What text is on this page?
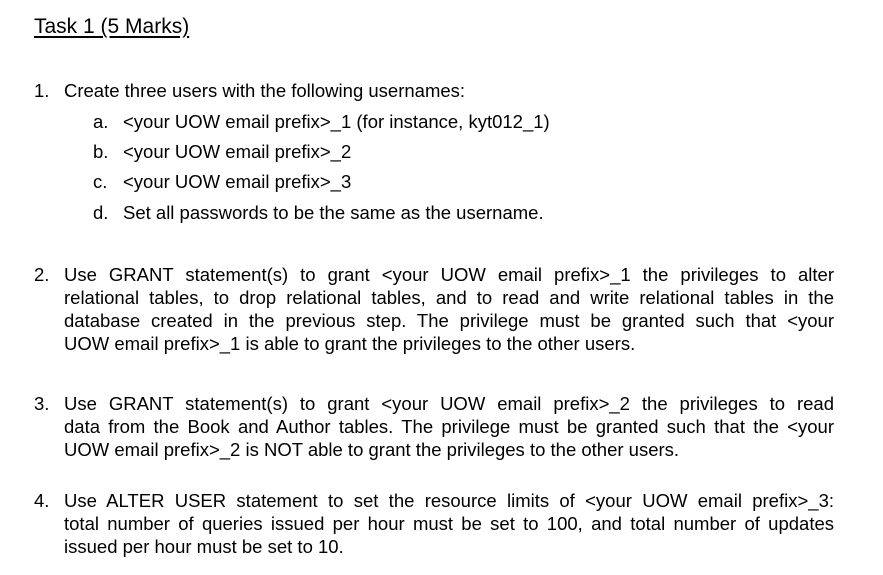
Task 1 (5 Marks)
1. Create three users with the following usernames:
a. <your UOW email prefix>_1 (for instance, kyt012_1)
b. <your UOW email prefix>_2
c. <your UOW email prefix>_3
d. Set all passwords to be the same as the username.
2. Use GRANT statement(s) to grant <your UOW email prefix>_1 the privileges to alter
relational tables, to drop relational tables, and to read and write relational tables in the
database created in the previous step. The privilege must be granted such that <your
UOW email prefix>_1 is able to grant the privileges to the other users.
3. Use GRANT statement(s) to grant <your UOW email prefix>_2 the privileges to read
data from the Book and Author tables. The privilege must be granted such that the <your
UOW email prefix>_2 is NOT able to grant the privileges to the other users.
4. Use ALTER USER statement to set the resource limits of <your UOW email prefix>_3:
total number of queries issued per hour must be set to 100, and total number of updates
issued per hour must be set to 10.
